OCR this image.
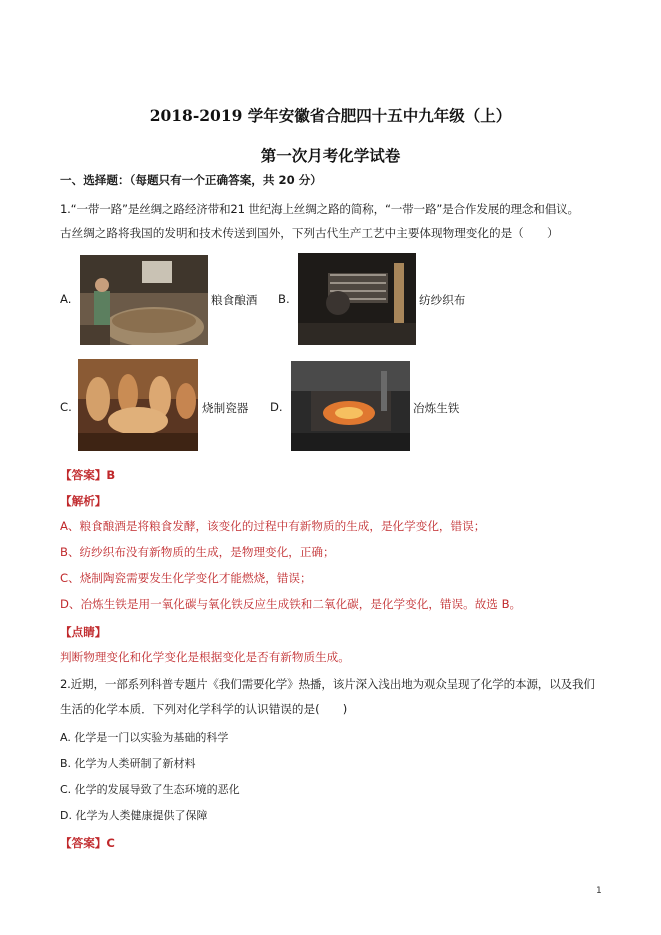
2018-2019 学年安徽省合肥四十五中九年级（上）
第一次月考化学试卷
一、选择题：（每题只有一个正确答案，共 20 分）
1.“一带一路”是丝绸之路经济带和21 世纪海上丝绸之路的简称，“一带一路”是合作发展的理念和倡议。
古丝绸之路将我国的发明和技术传送到国外，下列古代生产工艺中主要体现物理变化的是（　　）
A.	粮食酿酒 B.	纺纱织布
C.	烧制瓷器 D.	冶炼生铁
【答案】B
【解析】
A、粮食酿酒是将粮食发酵，该变化的过程中有新物质的生成，是化学变化，错误；
B、纺纱织布没有新物质的生成，是物理变化，正确；
C、烧制陶瓷需要发生化学变化才能燃烧，错误；
D、冶炼生铁是用一氧化碳与氧化铁反应生成铁和二氧化碳，是化学变化，错误。故选 B。
【点睛】
判断物理变化和化学变化是根据变化是否有新物质生成。
2.近期，一部系列科普专题片《我们需要化学》热播，该片深入浅出地为观众呈现了化学的本源，以及我们
生活的化学本质．下列对化学科学的认识错误的是(　　)
A. 化学是一门以实验为基础的科学
B. 化学为人类研制了新材料
C. 化学的发展导致了生态环境的恶化
D. 化学为人类健康提供了保障
【答案】C
1
